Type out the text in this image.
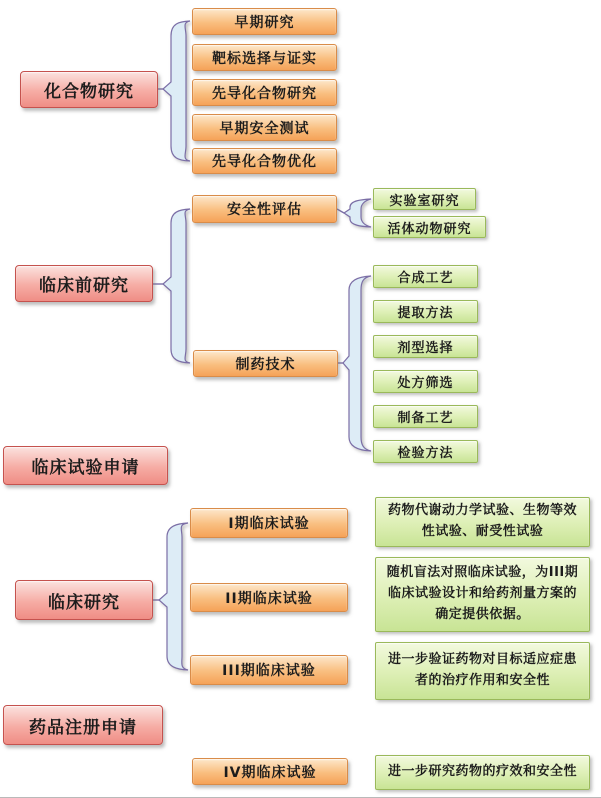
化合物研究
临床前研究
临床试验申请
临床研究
药品注册申请
早期研究
靶标选择与证实
先导化合物研究
早期安全测试
先导化合物优化
安全性评估
制药技术
实验室研究
活体动物研究
合成工艺
提取方法
剂型选择
处方筛选
制备工艺
检验方法
I期临床试验
II期临床试验
III期临床试验
药物代谢动力学试验、生物等效性试验、耐受性试验
随机盲法对照临床试验，为III期临床试验设计和给药剂量方案的确定提供依据。
进一步验证药物对目标适应症患者的治疗作用和安全性
IV期临床试验	进一步研究药物的疗效和安全性
